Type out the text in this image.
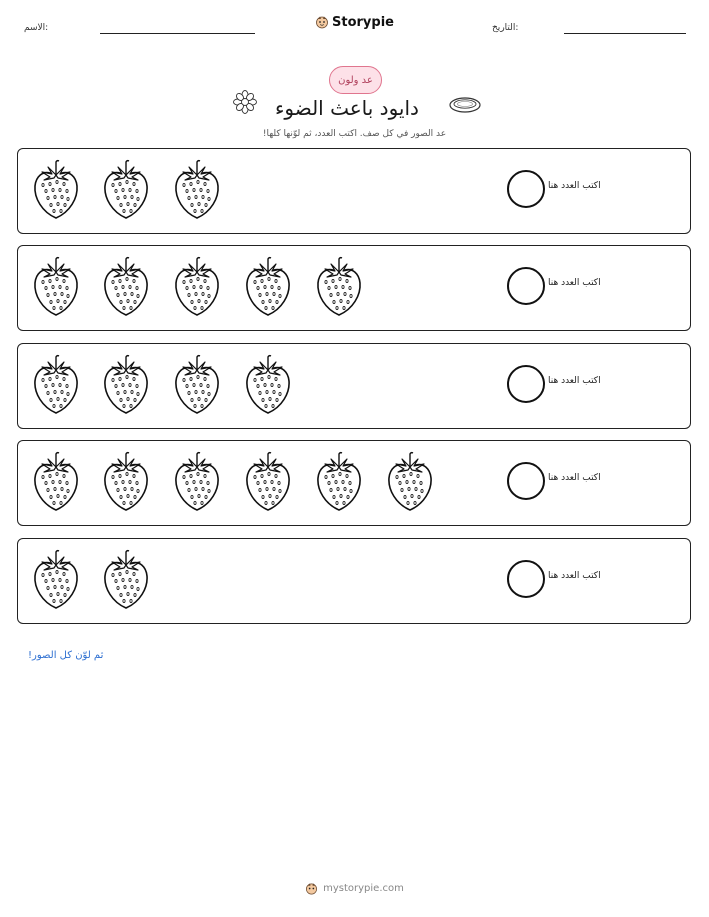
الاسم:	Storypie	التاريخ:
عد ولون
دايود باعث الضوء
عد الصور في كل صف. اكتب العدد، ثم لوّنها كلها!
اكتب العدد هنا
اكتب العدد هنا
اكتب العدد هنا
اكتب العدد هنا
اكتب العدد هنا
ثم لوّن كل الصور!
mystorypie.com
